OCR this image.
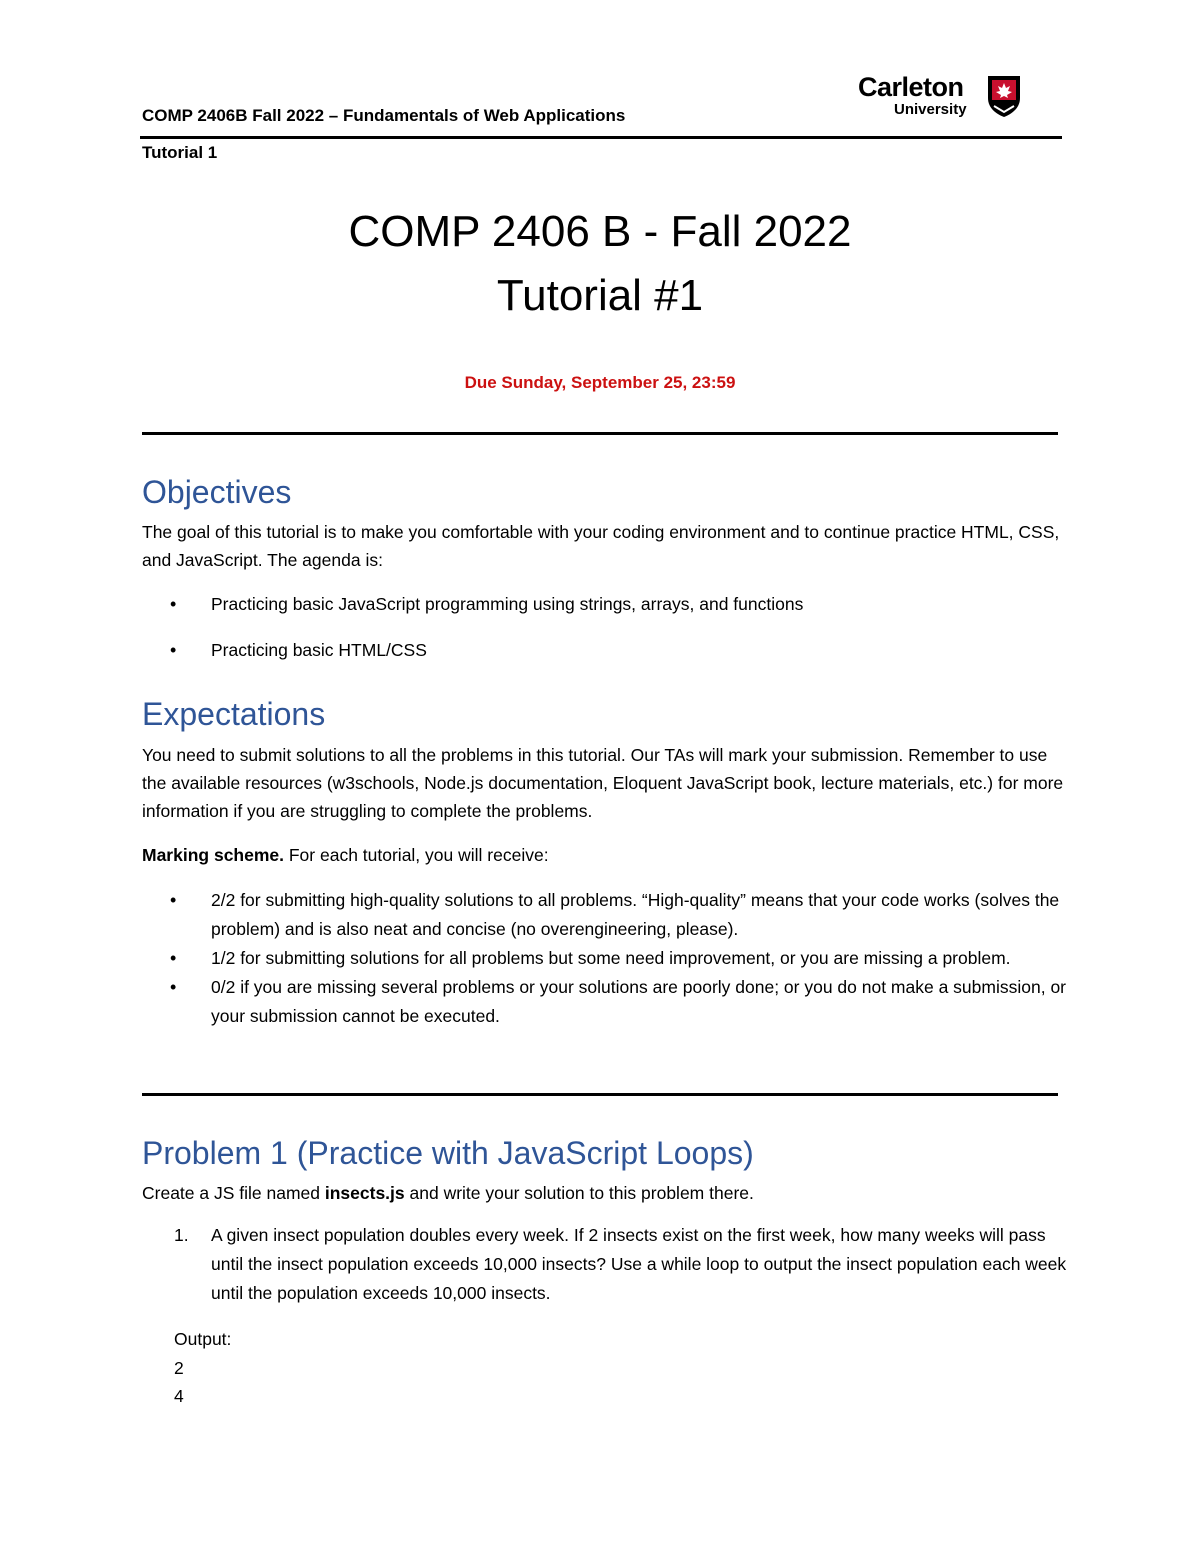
COMP 2406B Fall 2022 – Fundamentals of Web Applications
Carleton
University
Tutorial 1
COMP 2406 B - Fall 2022
Tutorial #1
Due Sunday, September 25, 23:59
Objectives
The goal of this tutorial is to make you comfortable with your coding environment and to continue practice HTML, CSS, and JavaScript. The agenda is:
• Practicing basic JavaScript programming using strings, arrays, and functions
• Practicing basic HTML/CSS
Expectations
You need to submit solutions to all the problems in this tutorial. Our TAs will mark your submission. Remember to use the available resources (w3schools, Node.js documentation, Eloquent JavaScript book, lecture materials, etc.) for more information if you are struggling to complete the problems.
Marking scheme. For each tutorial, you will receive:
• 2/2 for submitting high-quality solutions to all problems. “High-quality” means that your code works (solves the problem) and is also neat and concise (no overengineering, please).
• 1/2 for submitting solutions for all problems but some need improvement, or you are missing a problem.
• 0/2 if you are missing several problems or your solutions are poorly done; or you do not make a submission, or your submission cannot be executed.
Problem 1 (Practice with JavaScript Loops)
Create a JS file named insects.js and write your solution to this problem there.
1. A given insect population doubles every week. If 2 insects exist on the first week, how many weeks will pass until the insect population exceeds 10,000 insects? Use a while loop to output the insect population each week until the population exceeds 10,000 insects.
Output:
2
4
